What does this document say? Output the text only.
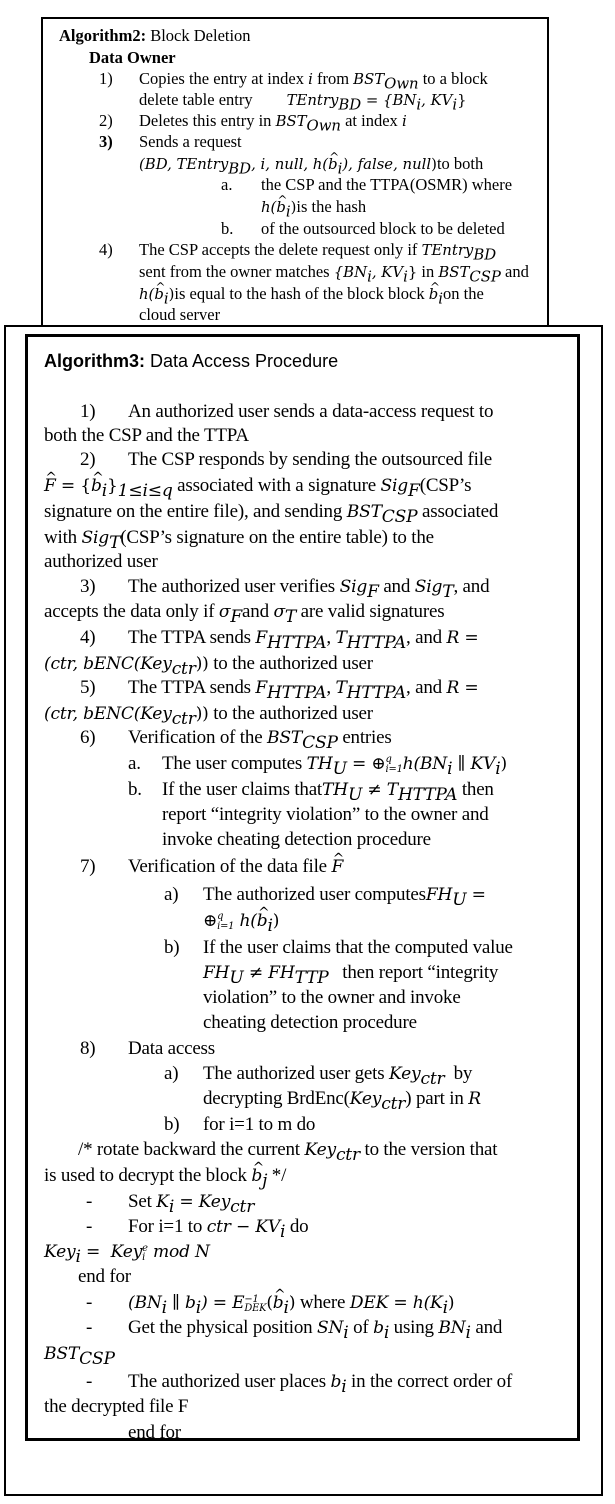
Algorithm2: Block Deletion
Data Owner
1) Copies the entry at index i from $BST_{Own}$ to a block
delete table entry TEntry$_{BD}$ = {$BN_i$, $KV_i$}
2) Deletes this entry in $BST_{Own}$ at index i
3) Sends a request
(BD, TEntry$_{BD}$, i, null, h(^ $b_i$), false, null)to both
a. the CSP and the TTPA(OSMR) where
h(^ $b_i)is$ the hash
b. of the outsourced block to be deleted
4) The CSP accepts the delete request only if TEntry$_{BD}$
sent from the owner matches {$BN_i$, $KV_i$} in $BST_{CSP}$ and
h(^ $b_i)is$ equal to the hash of the block block ^ $b_ion$ the
cloud server
Algorithm3: Data Access Procedure
1) An authorized user sends a data-access request to
both the CSP and the TTPA
2) The CSP responds by sending the outsourced file
^ F = {^ $b_i\}_{1\le i\le q}$ associated with a signature Sig$_F$(CSP’s
signature on the entire file), and sending $BST_{CSP}$ associated
with Sig$_T$(CSP’s signature on the entire table) to the
authorized user
3) The authorized user verifies Sig$_F$ and Sig$_T$, and
accepts the data only if $\sigma_Fand$ $\sigma_T$ are valid signatures
4) The TTPA sends $F_{HTTPA}$, $T_{HTTPA}$, and R =
(ctr, bENC(Key$_{ctr}$)) to the authorized user
5) The TTPA sends $F_{HTTPA}$, $T_{HTTPA}$, and R =
(ctr, bENC(Key$_{ctr}$)) to the authorized user
6) Verification of the $BST_{CSP}$ entries
a. The user computes $TH_U$ = ⊕ q
i=1 $h(BN_i$ ∥ $KV_i$)
b. If the user claims thatTH$_U$ ≠ $T_{HTTPA}$ then
report “integrity violation” to the owner and
invoke cheating detection procedure
7) Verification of the data file ^ F
a) The authorized user computesFH$_U$ =
⊕ q
i=1 h(^ $b_i$)
b) If the user claims that the computed value
$FH_U \ne FH_{TTP}$   then report “integrity
violation” to the owner and invoke
cheating detection procedure
8) Data access
a) The authorized user gets Key$_{ctr}$  by
decrypting BrdEnc(Key$_{ctr}$) part in R
b) for i=1 to m do
/* rotate backward the current Key$_{ctr}$ to the version that
is used to decrypt the block ^ $b_j$ */
- Set $K_i = Key_{ctr}$
- For i=1 to ctr − $KV_i$ do
Key$_i$ =  Key e
i mod N
end for
- ($BN_i$ ∥ $b_i) = E -1$
DEK (^ $b_i$) where DEK = $h(K_i)$
- Get the physical position $SN_i$ of $b_i$ using $BN_i$ and
$BST_{CSP}$
- The authorized user places $b_i$ in the correct order of
the decrypted file F
end for
